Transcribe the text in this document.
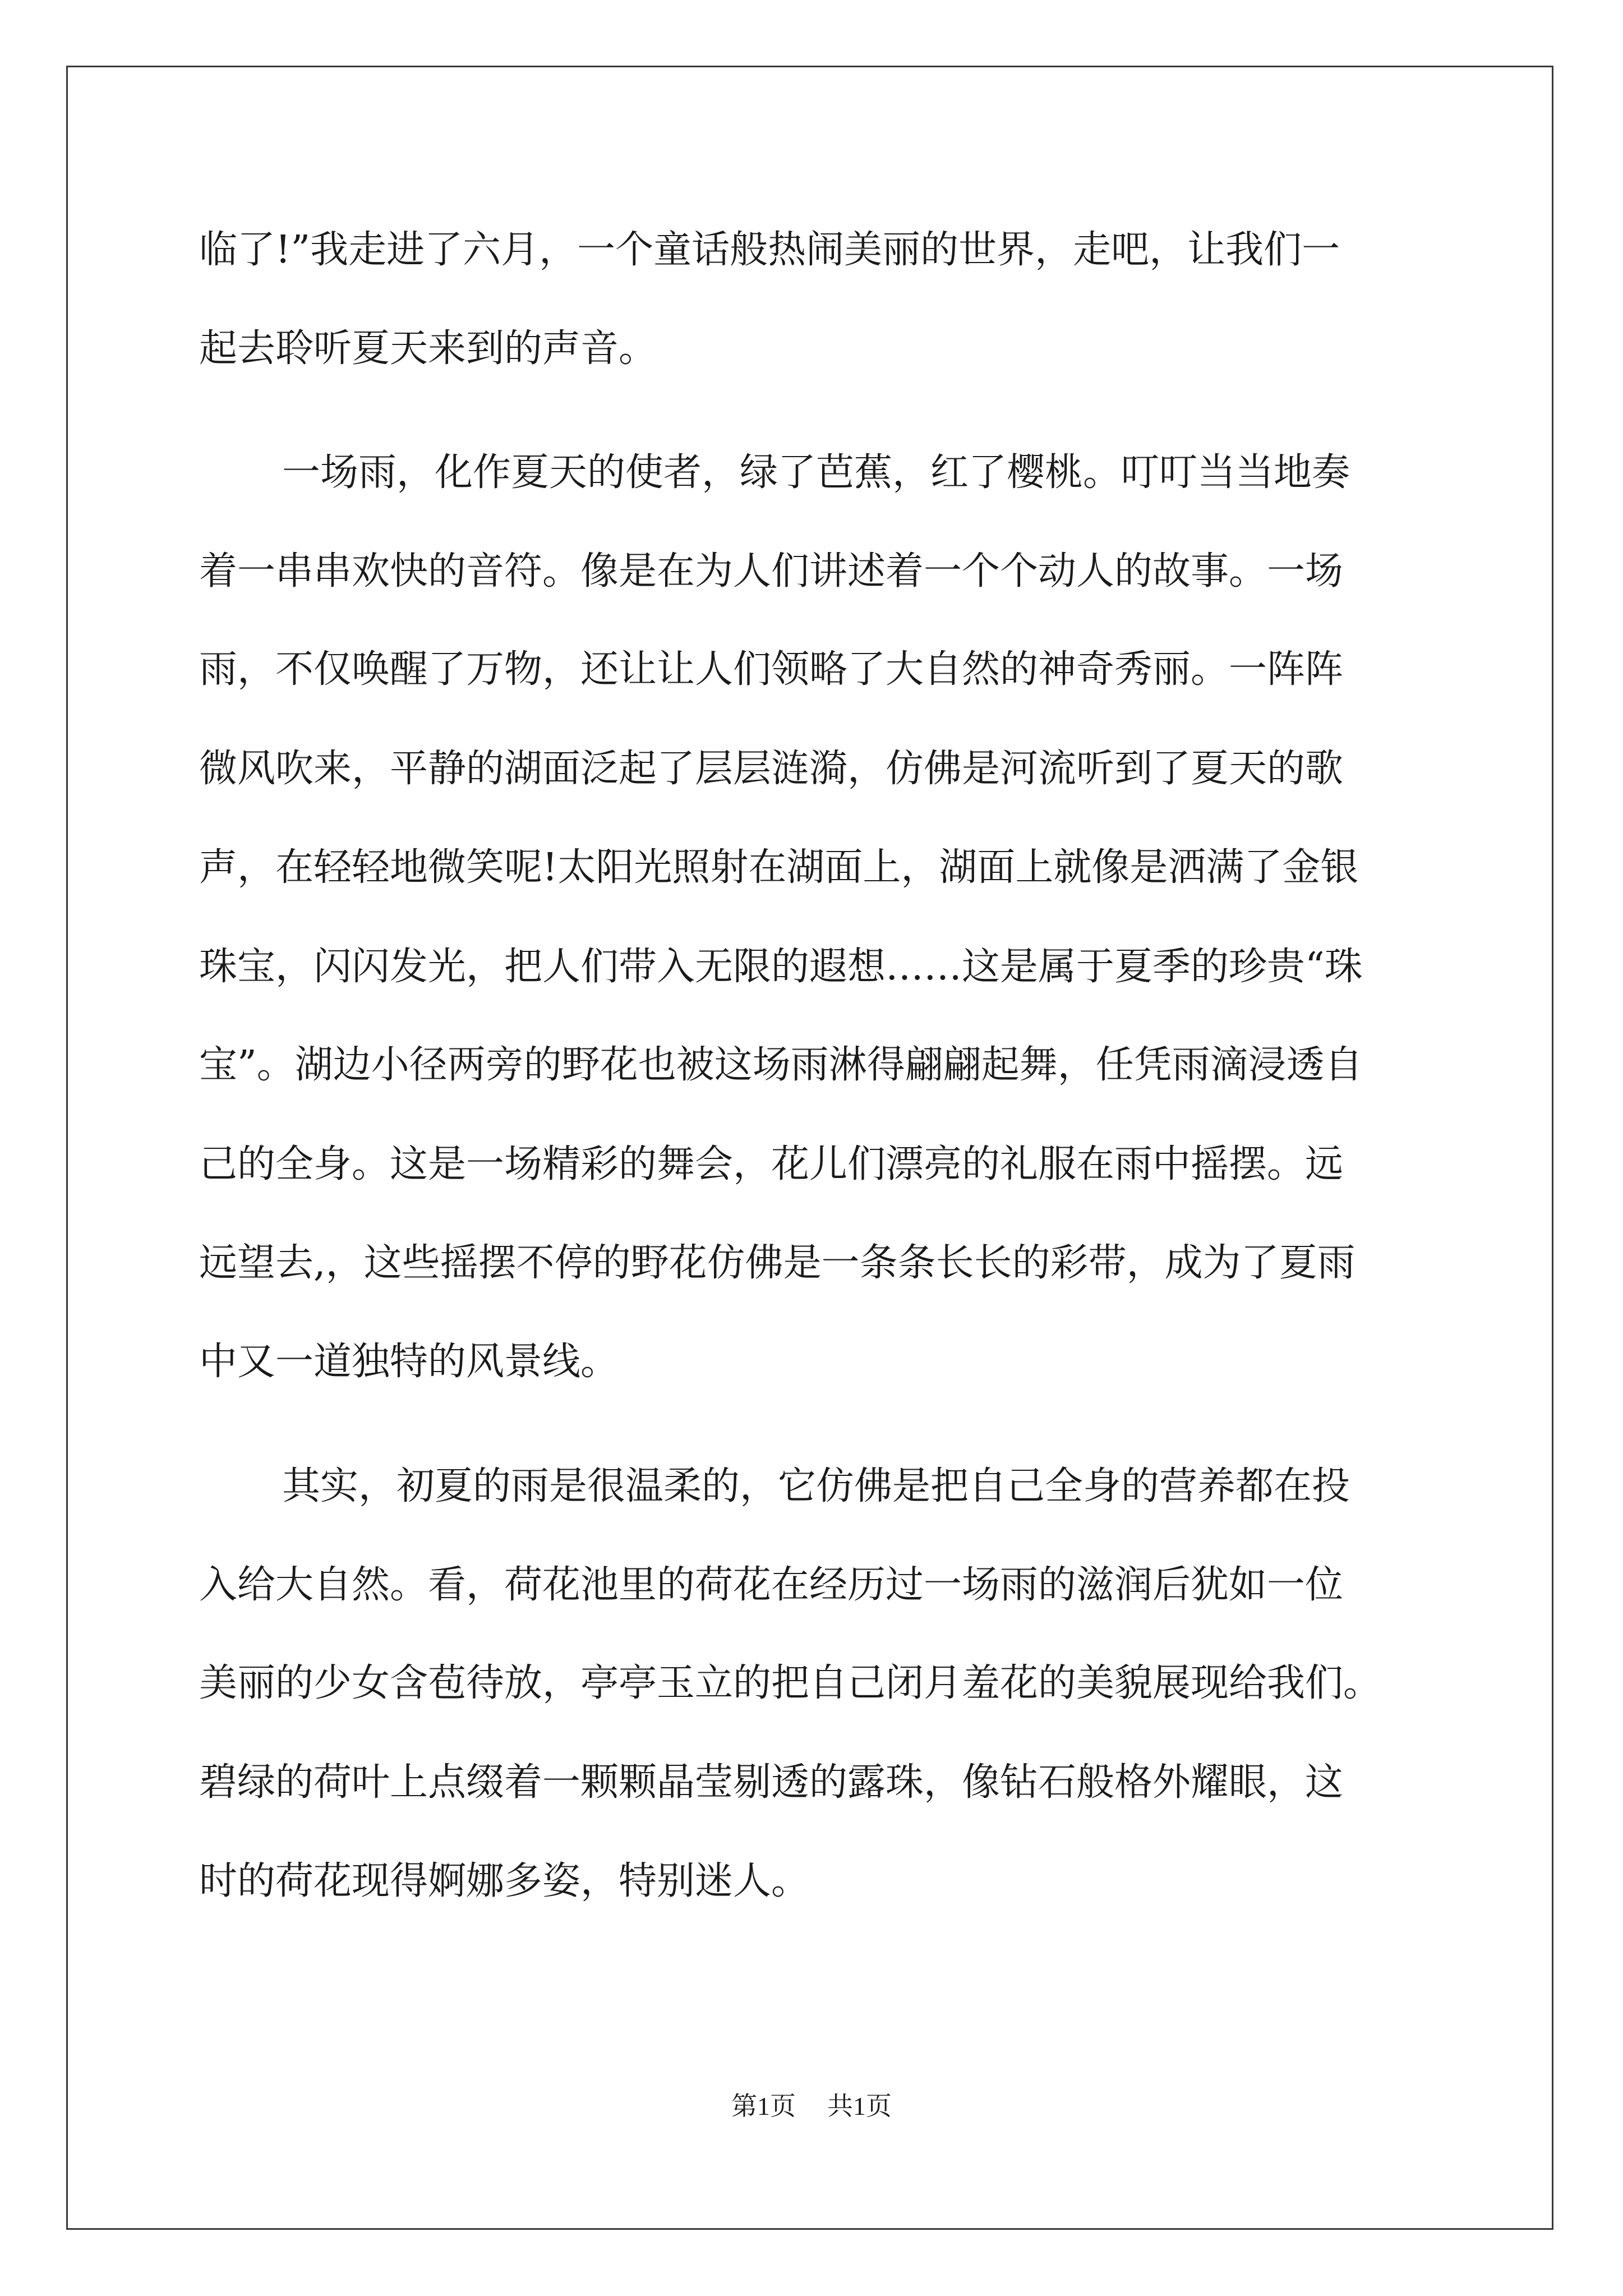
临了!”我走进了六月，一个童话般热闹美丽的世界，走吧，让我们一

起去聆听夏天来到的声音。

一场雨，化作夏天的使者，绿了芭蕉，红了樱桃。叮叮当当地奏

着一串串欢快的音符。像是在为人们讲述着一个个动人的故事。一场

雨，不仅唤醒了万物，还让让人们领略了大自然的神奇秀丽。一阵阵

微风吹来，平静的湖面泛起了层层涟漪，仿佛是河流听到了夏天的歌

声，在轻轻地微笑呢!太阳光照射在湖面上，湖面上就像是洒满了金银

珠宝，闪闪发光，把人们带入无限的遐想……这是属于夏季的珍贵“珠

宝”。湖边小径两旁的野花也被这场雨淋得翩翩起舞，任凭雨滴浸透自

己的全身。这是一场精彩的舞会，花儿们漂亮的礼服在雨中摇摆。远

远望去,，这些摇摆不停的野花仿佛是一条条长长的彩带，成为了夏雨

中又一道独特的风景线。

其实，初夏的雨是很温柔的，它仿佛是把自己全身的营养都在投

入给大自然。看，荷花池里的荷花在经历过一场雨的滋润后犹如一位

美丽的少女含苞待放，亭亭玉立的把自己闭月羞花的美貌展现给我们。

碧绿的荷叶上点缀着一颗颗晶莹剔透的露珠，像钻石般格外耀眼，这

时的荷花现得婀娜多姿，特别迷人。

第1页 共1页
